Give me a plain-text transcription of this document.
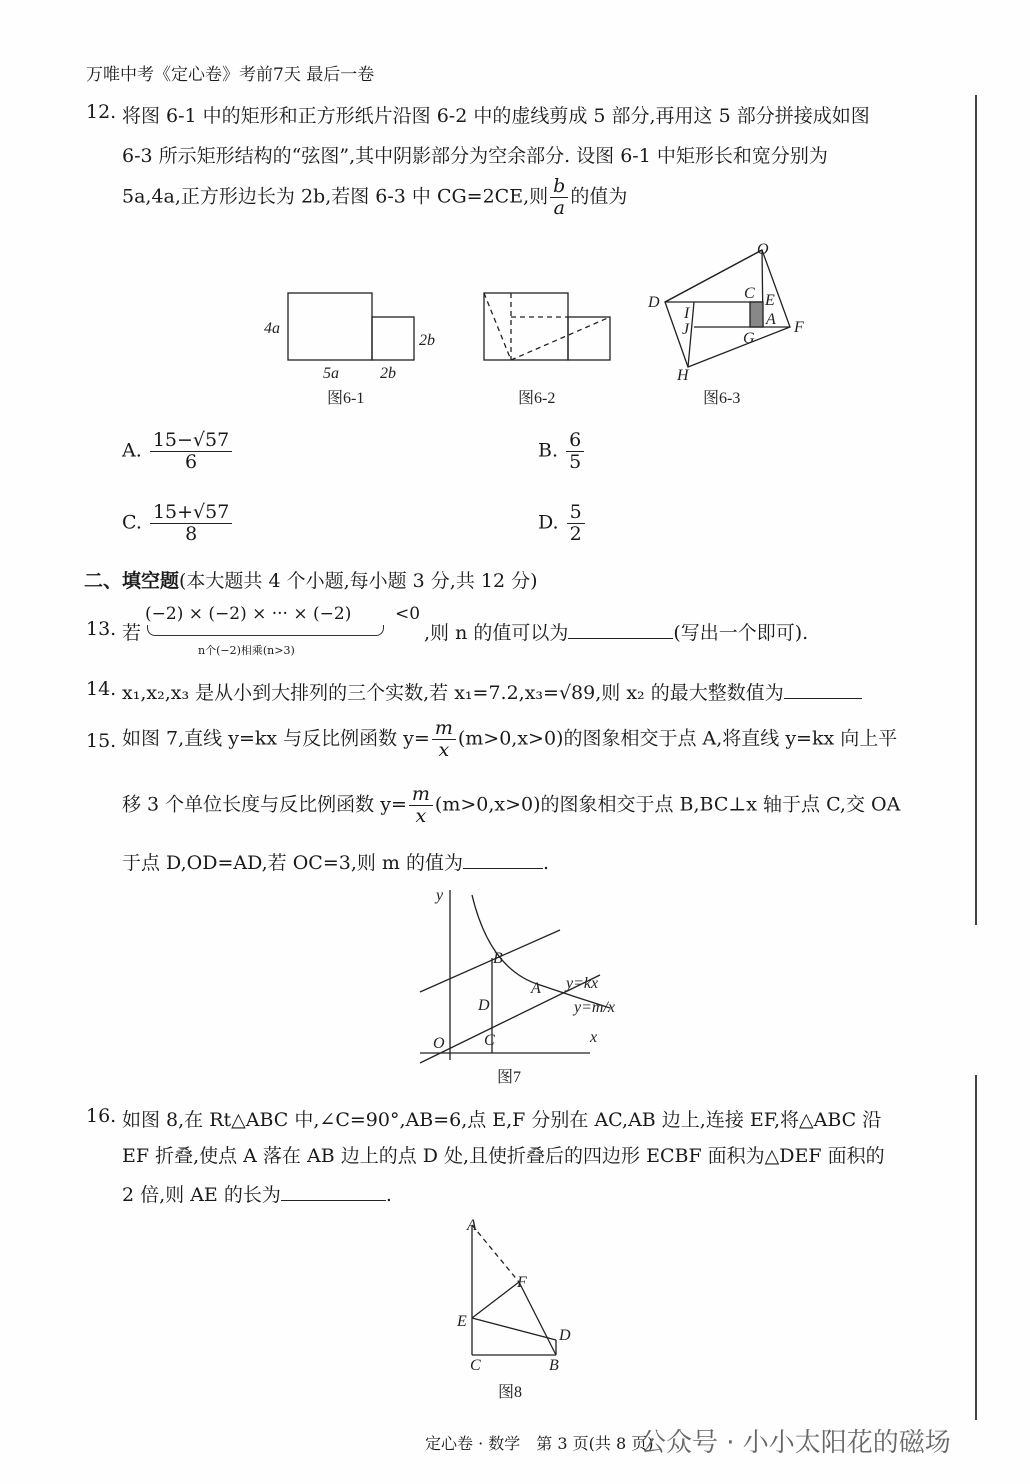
万唯中考《定心卷》考前7天 最后一卷
12. 将图 6-1 中的矩形和正方形纸片沿图 6-2 中的虚线剪成 5 部分,再用这 5 部分拼接成如图
6-3 所示矩形结构的“弦图”,其中阴影部分为空余部分. 设图 6-1 中矩形长和宽分别为
5a,4a,正方形边长为 2b,若图 6-3 中 CG=2CE,则 $\frac{b}{a}$ 的值为
4a
2b
5a	2b
图6-1	图6-2	图6-3
O
D
C E
I
J
A F
G
H
y
x
O C
B
D
A y=kx
y=m/x
A
F
E
D
C	B
图7
图8
A. $\frac{15-√57}{6}$	B. $\frac{6}{5}$
C. $\frac{15+√57}{8}$	D. $\frac{5}{2}$
二、填空题(本大题共 4 个小题,每小题 3 分,共 12 分)
13. 若
(−2) × (−2) × ··· × (−2)	<0
n个(−2)相乘(n>3)
,则 n 的值可以为	(写出一个即可).
14. x₁,x₂,x₃ 是从小到大排列的三个实数,若 x₁=7.2,x₃=√89,则 x₂ 的最大整数值为
15. 如图 7,直线 y=kx 与反比例函数 $y= \frac{m}{x} (m>0,x>0)$的图象相交于点 A,将直线 y=kx 向上平
移 3 个单位长度与反比例函数 $y= \frac{m}{x} (m>0,x>0)$的图象相交于点 B,BC⊥x 轴于点 C,交 OA
于点 D,OD=AD,若 OC=3,则 m 的值为	.
16. 如图 8,在 Rt△ABC 中,∠C=90°,AB=6,点 E,F 分别在 AC,AB 边上,连接 EF,将△ABC 沿
EF 折叠,使点 A 落在 AB 边上的点 D 处,且使折叠后的四边形 ECBF 面积为△DEF 面积的
2 倍,则 AE 的长为	.
定心卷 · 数学　第 3 页(共 8 页)
公众号 · 小小太阳花的磁场
